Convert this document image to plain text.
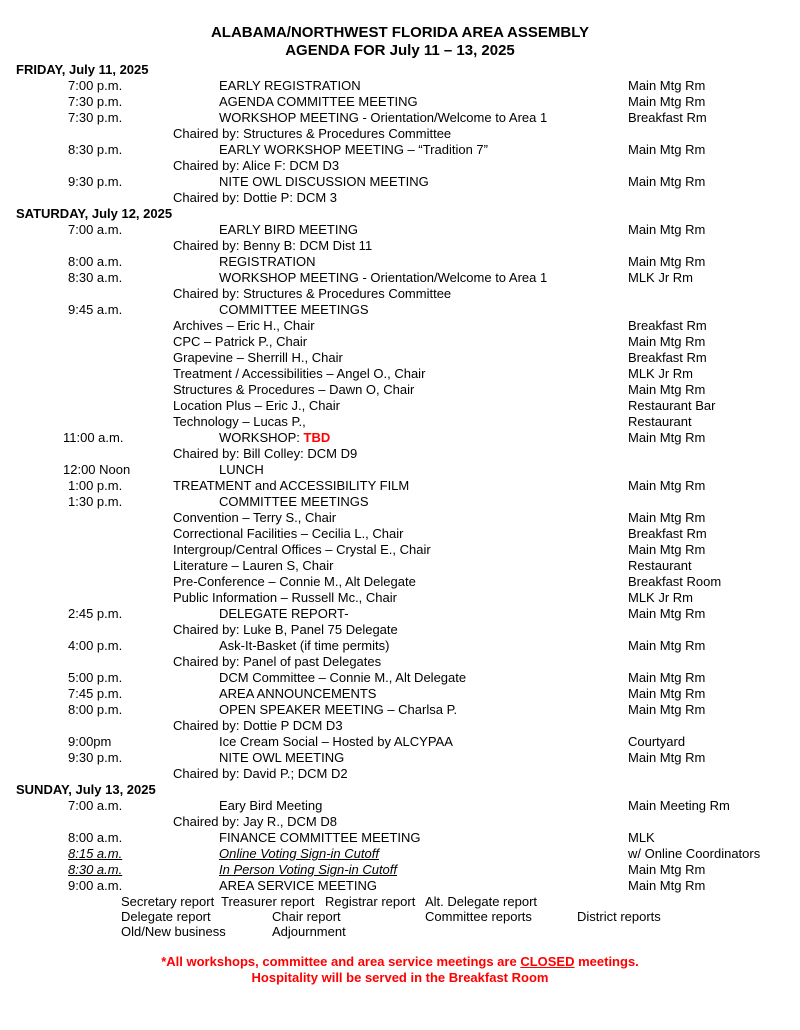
ALABAMA/NORTHWEST FLORIDA AREA ASSEMBLY
AGENDA FOR July 11 – 13, 2025
FRIDAY, July 11, 2025
7:00 p.m.	EARLY REGISTRATION	Main Mtg Rm
7:30 p.m.	AGENDA COMMITTEE MEETING	Main Mtg Rm
7:30 p.m.	WORKSHOP MEETING - Orientation/Welcome to Area 1	Breakfast Rm
Chaired by: Structures & Procedures Committee
8:30 p.m.	EARLY WORKSHOP MEETING – “Tradition 7”	Main Mtg Rm
Chaired by: Alice F: DCM D3
9:30 p.m.	NITE OWL DISCUSSION MEETING	Main Mtg Rm
Chaired by: Dottie P: DCM 3
SATURDAY, July 12, 2025
7:00 a.m.	EARLY BIRD MEETING	Main Mtg Rm
Chaired by: Benny B: DCM Dist 11
8:00 a.m.	REGISTRATION	Main Mtg Rm
8:30 a.m.	WORKSHOP MEETING - Orientation/Welcome to Area 1	MLK Jr Rm
Chaired by: Structures & Procedures Committee
9:45 a.m.	COMMITTEE MEETINGS
Archives – Eric H., Chair	Breakfast Rm
CPC – Patrick P., Chair	Main Mtg Rm
Grapevine – Sherrill H., Chair	Breakfast Rm
Treatment / Accessibilities – Angel O., Chair	MLK Jr Rm
Structures & Procedures – Dawn O, Chair	Main Mtg Rm
Location Plus – Eric J., Chair	Restaurant Bar
Technology – Lucas P.,	Restaurant
11:00 a.m.	WORKSHOP: TBD	Main Mtg Rm
Chaired by: Bill Colley: DCM D9
12:00 Noon	LUNCH
1:00 p.m.	TREATMENT and ACCESSIBILITY FILM	Main Mtg Rm
1:30 p.m.	COMMITTEE MEETINGS
Convention – Terry S., Chair	Main Mtg Rm
Correctional Facilities – Cecilia L., Chair	Breakfast Rm
Intergroup/Central Offices – Crystal E., Chair	Main Mtg Rm
Literature – Lauren S, Chair	Restaurant
Pre-Conference – Connie M., Alt Delegate	Breakfast Room
Public Information – Russell Mc., Chair	MLK Jr Rm
2:45 p.m.	DELEGATE REPORT-	Main Mtg Rm
Chaired by: Luke B, Panel 75 Delegate
4:00 p.m.	Ask-It-Basket (if time permits)	Main Mtg Rm
Chaired by: Panel of past Delegates
5:00 p.m.	DCM Committee – Connie M., Alt Delegate	Main Mtg Rm
7:45 p.m.	AREA ANNOUNCEMENTS	Main Mtg Rm
8:00 p.m.	OPEN SPEAKER MEETING – Charlsa P.	Main Mtg Rm
Chaired by: Dottie P DCM D3
9:00pm	Ice Cream Social – Hosted by ALCYPAA	Courtyard
9:30 p.m.	NITE OWL MEETING	Main Mtg Rm
Chaired by: David P.; DCM D2
SUNDAY, July 13, 2025
7:00 a.m.	Eary Bird Meeting	Main Meeting Rm
Chaired by: Jay R., DCM D8
8:00 a.m.	FINANCE COMMITTEE MEETING	MLK
8:15 a.m.	Online Voting Sign-in Cutoff	w/ Online Coordinators
8:30 a.m.	In Person Voting Sign-in Cutoff	Main Mtg Rm
9:00 a.m.	AREA SERVICE MEETING	Main Mtg Rm
Secretary report Treasurer report Registrar report Alt. Delegate report
Delegate report	Chair report	Committee reports	District reports
Old/New business	Adjournment
*All workshops, committee and area service meetings are CLOSED meetings.
Hospitality will be served in the Breakfast Room
